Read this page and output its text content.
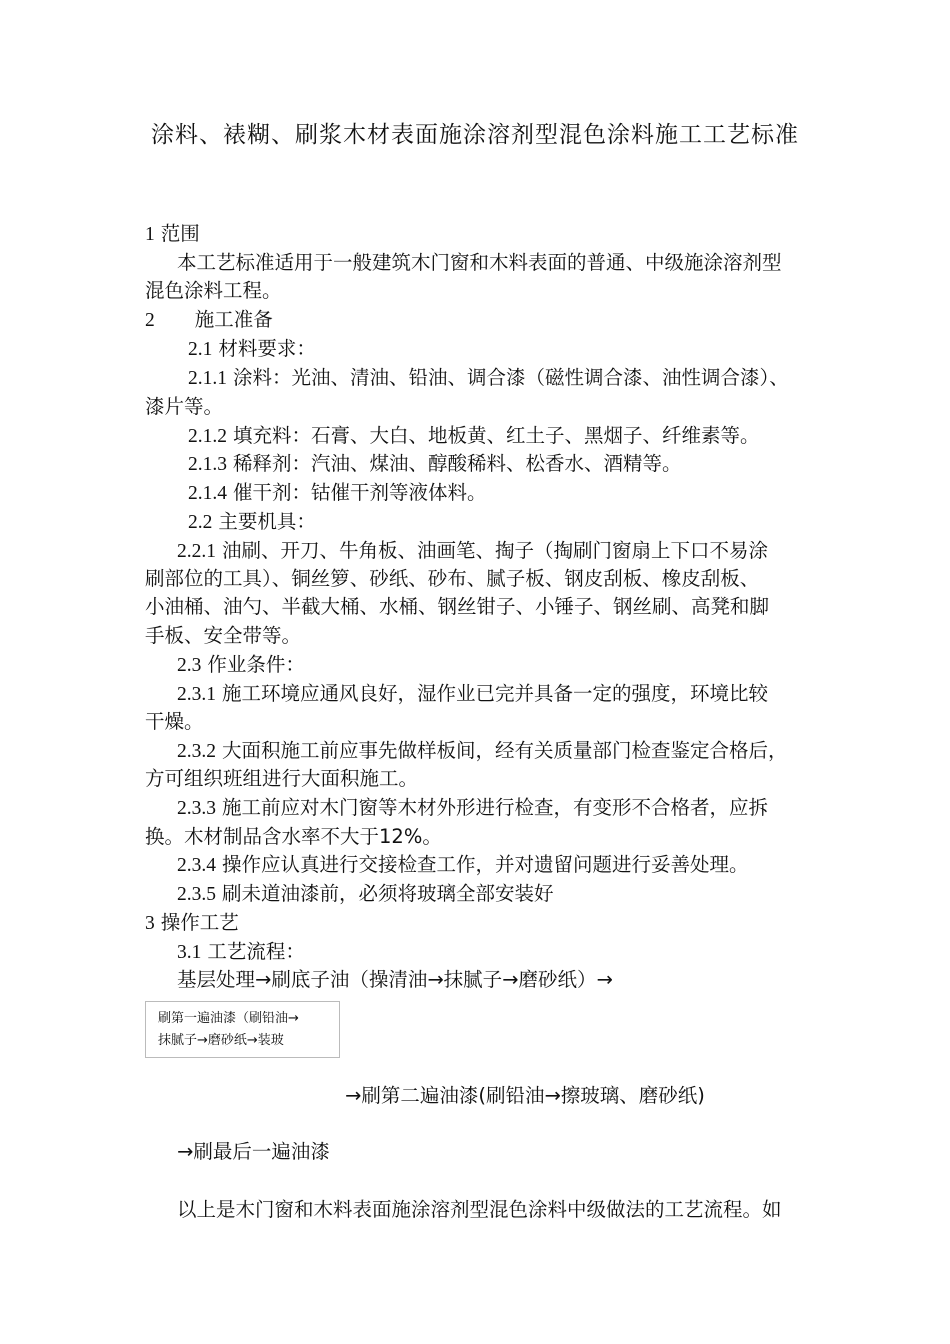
涂料、裱糊、刷浆木材表面施涂溶剂型混色涂料施工工艺标准
1 范围
本工艺标准适用于一般建筑木门窗和木料表面的普通、中级施涂溶剂型
混色涂料工程。
2 施工准备
2.1 材料要求：
2.1.1 涂料：光油、清油、铅油、调合漆（磁性调合漆、油性调合漆）、
漆片等。
2.1.2 填充料：石膏、大白、地板黄、红土子、黑烟子、纤维素等。
2.1.3 稀释剂：汽油、煤油、醇酸稀料、松香水、酒精等。
2.1.4 催干剂：钴催干剂等液体料。
2.2 主要机具：
2.2.1 油刷、开刀、牛角板、油画笔、掏子（掏刷门窗扇上下口不易涂
刷部位的工具）、铜丝箩、砂纸、砂布、腻子板、钢皮刮板、橡皮刮板、
小油桶、油勺、半截大桶、水桶、钢丝钳子、小锤子、钢丝刷、高凳和脚
手板、安全带等。
2.3 作业条件：
2.3.1 施工环境应通风良好，湿作业已完并具备一定的强度，环境比较
干燥。
2.3.2 大面积施工前应事先做样板间，经有关质量部门检查鉴定合格后，
方可组织班组进行大面积施工。
2.3.3 施工前应对木门窗等木材外形进行检查，有变形不合格者，应拆
换。木材制品含水率不大于12%。
2.3.4 操作应认真进行交接检查工作，并对遗留问题进行妥善处理。
2.3.5 刷未道油漆前，必须将玻璃全部安装好
3 操作工艺
3.1 工艺流程：
基层处理→刷底子油（操清油→抹腻子→磨砂纸）→
刷第一遍油漆（刷铅油→
抹腻子→磨砂纸→装玻
→刷第二遍油漆(刷铅油→擦玻璃、磨砂纸)
→刷最后一遍油漆
以上是木门窗和木料表面施涂溶剂型混色涂料中级做法的工艺流程。如
